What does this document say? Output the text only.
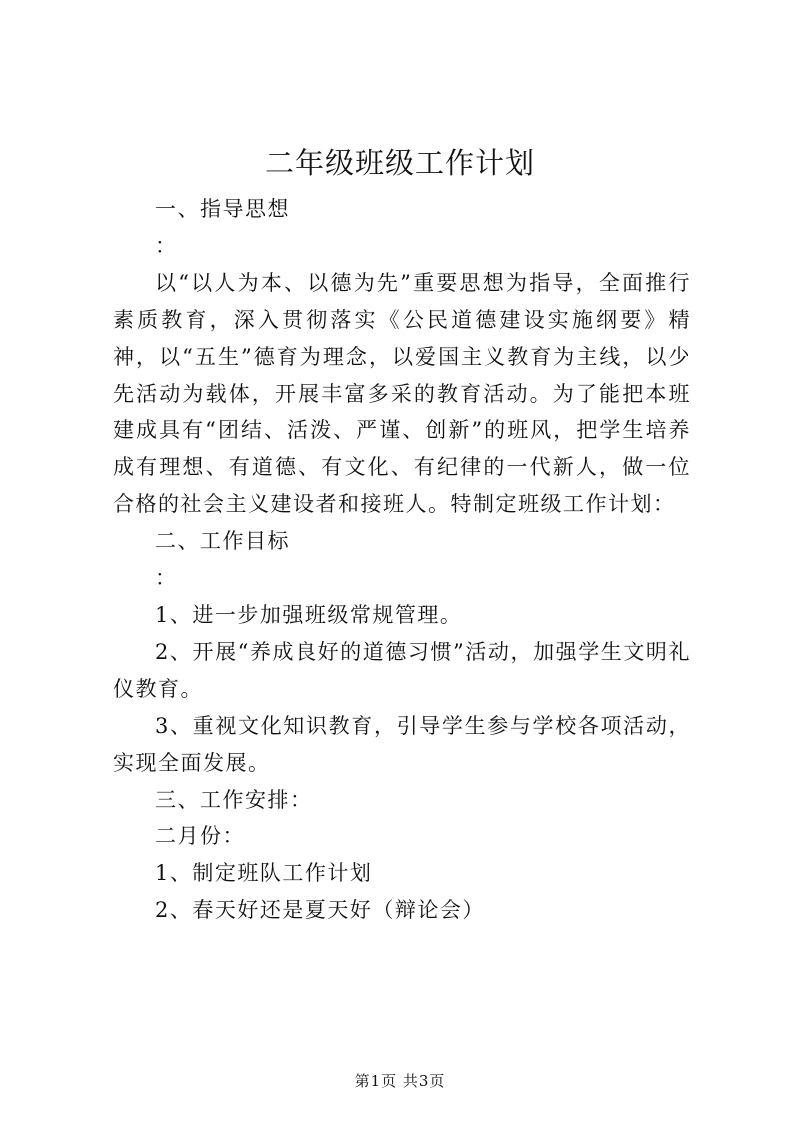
二年级班级工作计划

一、指导思想

：

以“以人为本、以德为先”重要思想为指导，全面推行素质教育，深入贯彻落实《公民道德建设实施纲要》精神，以“五生”德育为理念，以爱国主义教育为主线，以少先活动为载体，开展丰富多采的教育活动。为了能把本班建成具有“团结、活泼、严谨、创新”的班风，把学生培养成有理想、有道德、有文化、有纪律的一代新人，做一位合格的社会主义建设者和接班人。特制定班级工作计划：

二、工作目标

：

1、进一步加强班级常规管理。

2、开展“养成良好的道德习惯”活动，加强学生文明礼仪教育。

3、重视文化知识教育，引导学生参与学校各项活动，实现全面发展。

三、工作安排：

二月份：

1、制定班队工作计划

2、春天好还是夏天好（辩论会）

第1页 共3页
